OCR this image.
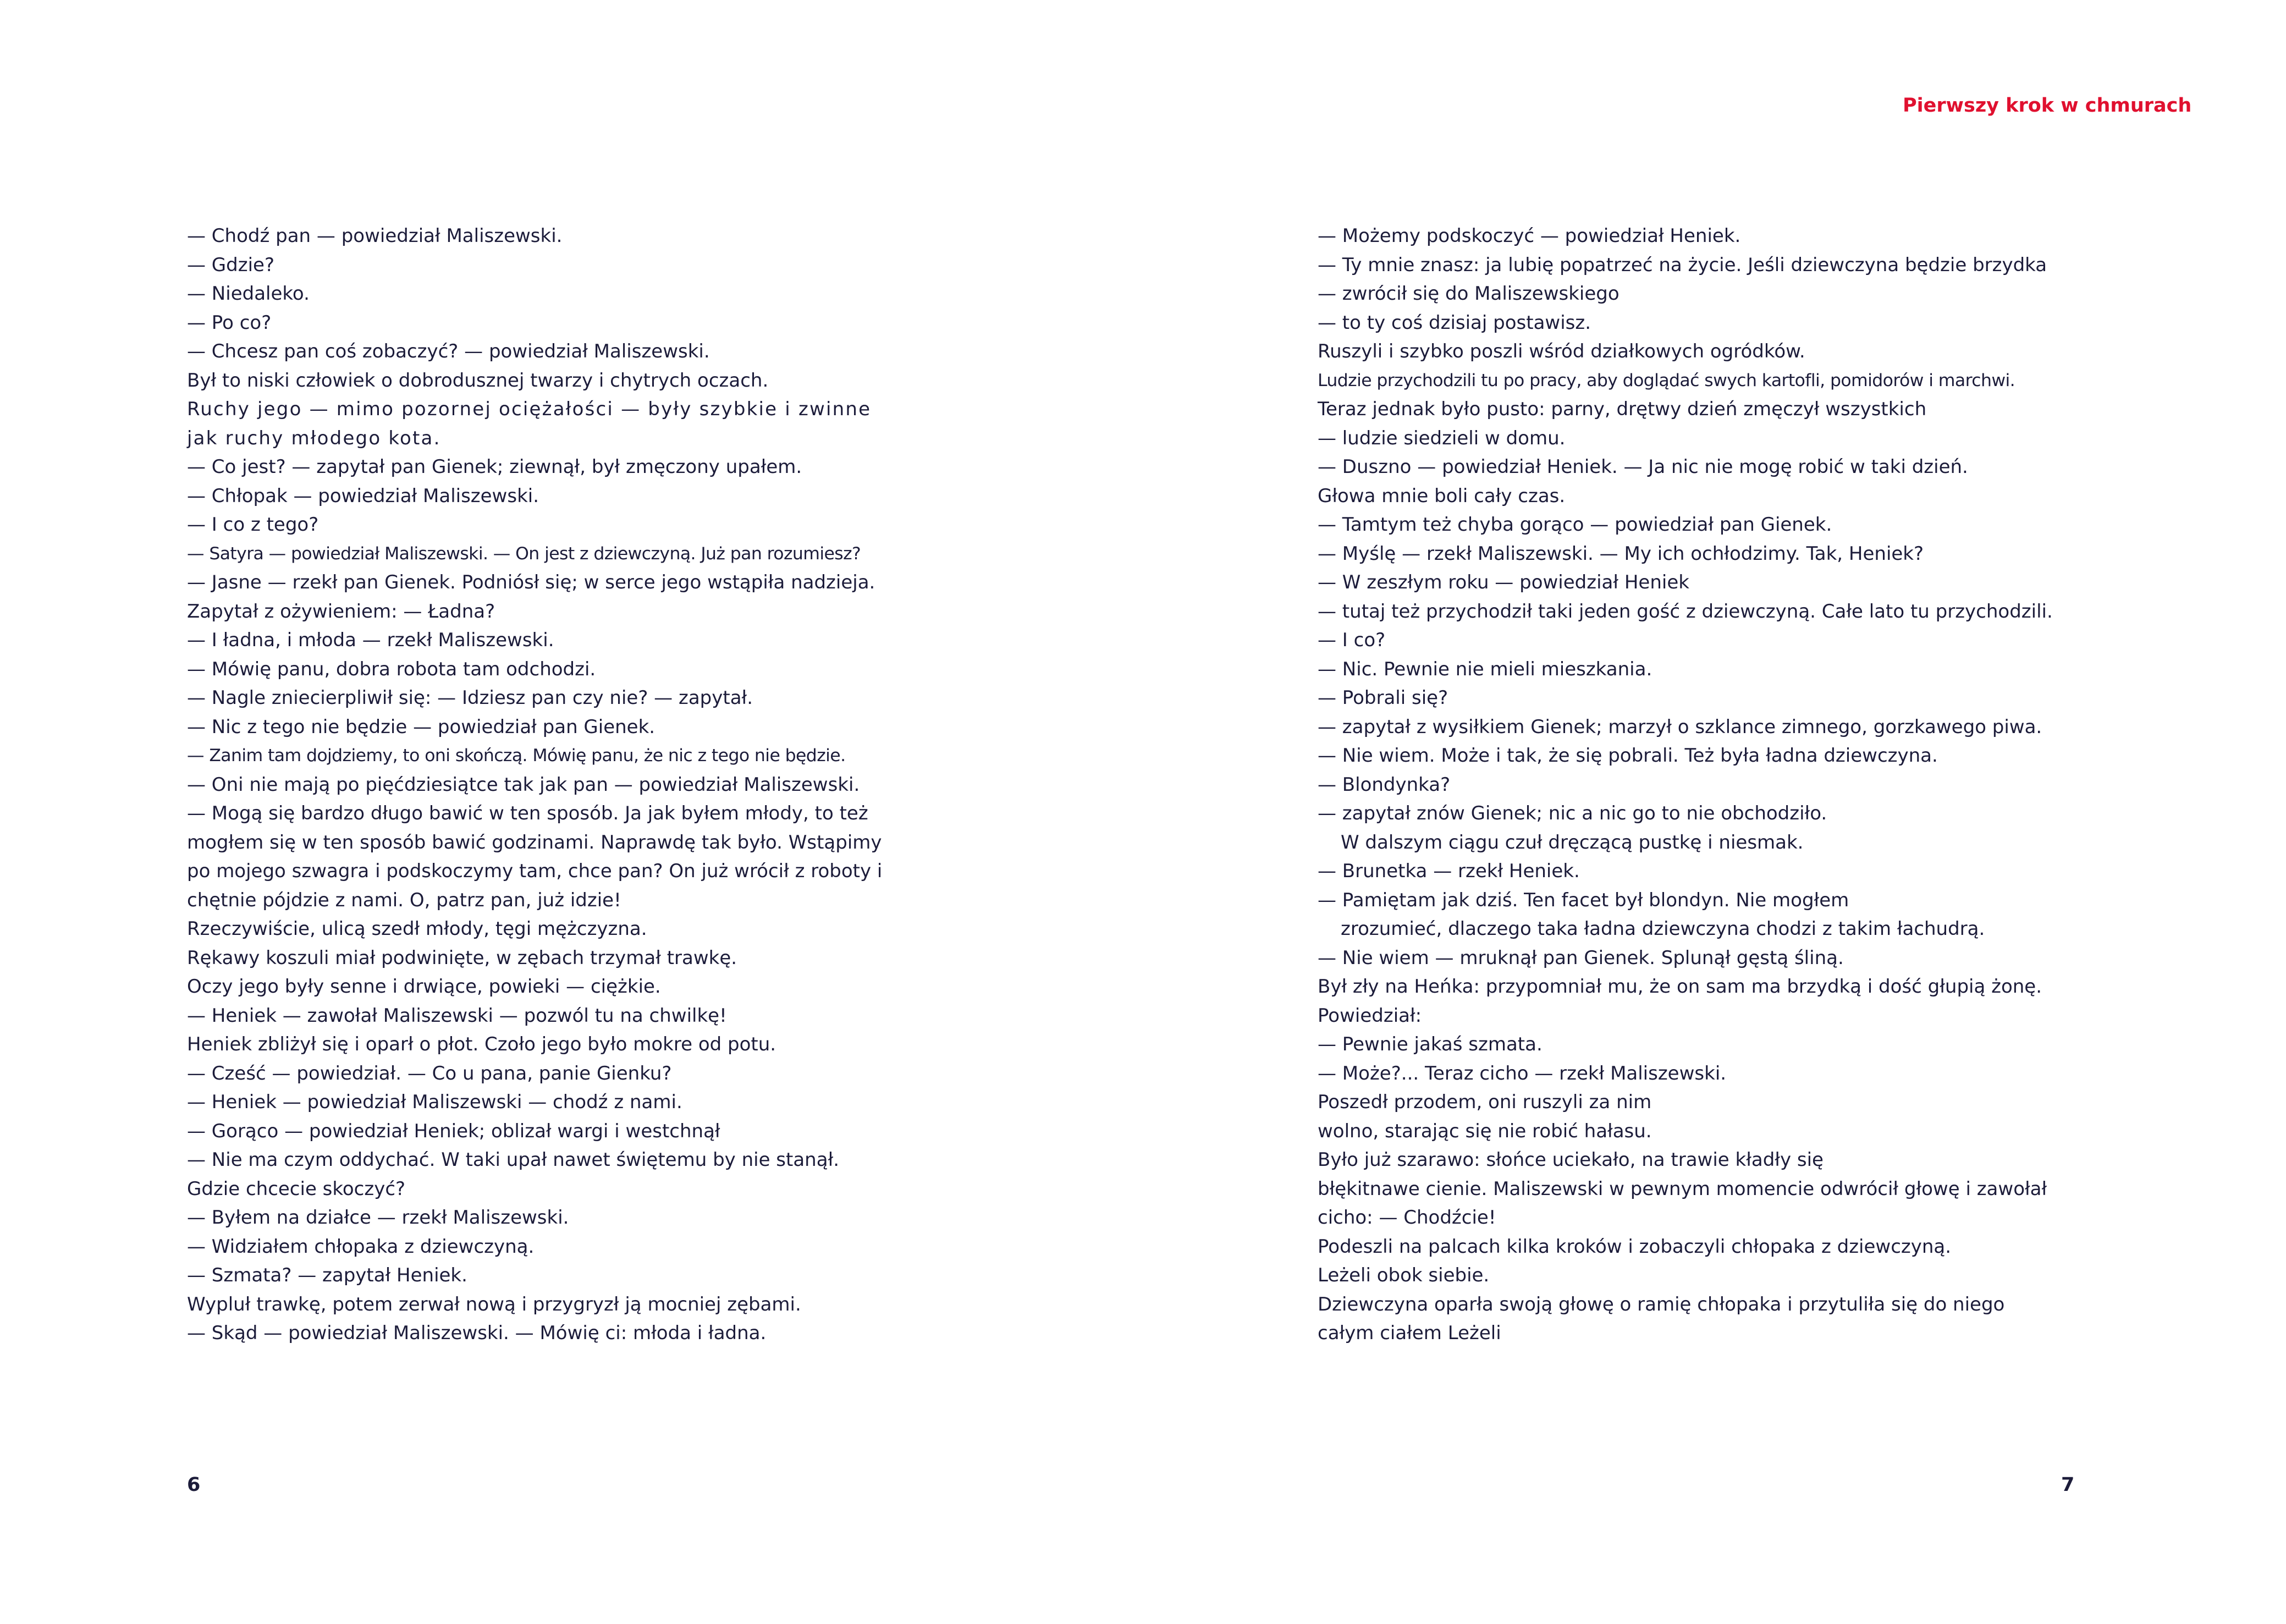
Pierwszy krok w chmurach
— Chodź pan — powiedział Maliszewski.
— Gdzie?
— Niedaleko.
— Po co?
— Chcesz pan coś zobaczyć? — powiedział Maliszewski.
Był to niski człowiek o dobrodusznej twarzy i chytrych oczach.
Ruchy jego — mimo pozornej ociężałości — były szybkie i zwinne
jak ruchy młodego kota.
— Co jest? — zapytał pan Gienek; ziewnął, był zmęczony upałem.
— Chłopak — powiedział Maliszewski.
— I co z tego?
— Satyra — powiedział Maliszewski. — On jest z dziewczyną. Już pan rozumiesz?
— Jasne — rzekł pan Gienek. Podniósł się; w serce jego wstąpiła nadzieja.
Zapytał z ożywieniem: — Ładna?
— I ładna, i młoda — rzekł Maliszewski.
— Mówię panu, dobra robota tam odchodzi.
— Nagle zniecierpliwił się: — Idziesz pan czy nie? — zapytał.
— Nic z tego nie będzie — powiedział pan Gienek.
— Zanim tam dojdziemy, to oni skończą. Mówię panu, że nic z tego nie będzie.
— Oni nie mają po pięćdziesiątce tak jak pan — powiedział Maliszewski.
— Mogą się bardzo długo bawić w ten sposób. Ja jak byłem młody, to też
mogłem się w ten sposób bawić godzinami. Naprawdę tak było. Wstąpimy
po mojego szwagra i podskoczymy tam, chce pan? On już wrócił z roboty i
chętnie pójdzie z nami. O, patrz pan, już idzie!
Rzeczywiście, ulicą szedł młody, tęgi mężczyzna.
Rękawy koszuli miał podwinięte, w zębach trzymał trawkę.
Oczy jego były senne i drwiące, powieki — ciężkie.
— Heniek — zawołał Maliszewski — pozwól tu na chwilkę!
Heniek zbliżył się i oparł o płot. Czoło jego było mokre od potu.
— Cześć — powiedział. — Co u pana, panie Gienku?
— Heniek — powiedział Maliszewski — chodź z nami.
— Gorąco — powiedział Heniek; oblizał wargi i westchnął
— Nie ma czym oddychać. W taki upał nawet świętemu by nie stanął.
Gdzie chcecie skoczyć?
— Byłem na działce — rzekł Maliszewski.
— Widziałem chłopaka z dziewczyną.
— Szmata? — zapytał Heniek.
Wypluł trawkę, potem zerwał nową i przygryzł ją mocniej zębami.
— Skąd — powiedział Maliszewski. — Mówię ci: młoda i ładna.
— Możemy podskoczyć — powiedział Heniek.
— Ty mnie znasz: ja lubię popatrzeć na życie. Jeśli dziewczyna będzie brzydka
— zwrócił się do Maliszewskiego
— to ty coś dzisiaj postawisz.
Ruszyli i szybko poszli wśród działkowych ogródków.
Ludzie przychodzili tu po pracy, aby doglądać swych kartofli, pomidorów i marchwi.
Teraz jednak było pusto: parny, drętwy dzień zmęczył wszystkich
— ludzie siedzieli w domu.
— Duszno — powiedział Heniek. — Ja nic nie mogę robić w taki dzień.
Głowa mnie boli cały czas.
— Tamtym też chyba gorąco — powiedział pan Gienek.
— Myślę — rzekł Maliszewski. — My ich ochłodzimy. Tak, Heniek?
— W zeszłym roku — powiedział Heniek
— tutaj też przychodził taki jeden gość z dziewczyną. Całe lato tu przychodzili.
— I co?
— Nic. Pewnie nie mieli mieszkania.
— Pobrali się?
— zapytał z wysiłkiem Gienek; marzył o szklance zimnego, gorzkawego piwa.
— Nie wiem. Może i tak, że się pobrali. Też była ładna dziewczyna.
— Blondynka?
— zapytał znów Gienek; nic a nic go to nie obchodziło.
W dalszym ciągu czuł dręczącą pustkę i niesmak.
— Brunetka — rzekł Heniek.
— Pamiętam jak dziś. Ten facet był blondyn. Nie mogłem
zrozumieć, dlaczego taka ładna dziewczyna chodzi z takim łachudrą.
— Nie wiem — mruknął pan Gienek. Splunął gęstą śliną.
Był zły na Heńka: przypomniał mu, że on sam ma brzydką i dość głupią żonę.
Powiedział:
— Pewnie jakaś szmata.
— Może?... Teraz cicho — rzekł Maliszewski.
Poszedł przodem, oni ruszyli za nim
wolno, starając się nie robić hałasu.
Było już szarawo: słońce uciekało, na trawie kładły się
błękitnawe cienie. Maliszewski w pewnym momencie odwrócił głowę i zawołał
cicho: — Chodźcie!
Podeszli na palcach kilka kroków i zobaczyli chłopaka z dziewczyną.
Leżeli obok siebie.
Dziewczyna oparła swoją głowę o ramię chłopaka i przytuliła się do niego
całym ciałem Leżeli
6	7
